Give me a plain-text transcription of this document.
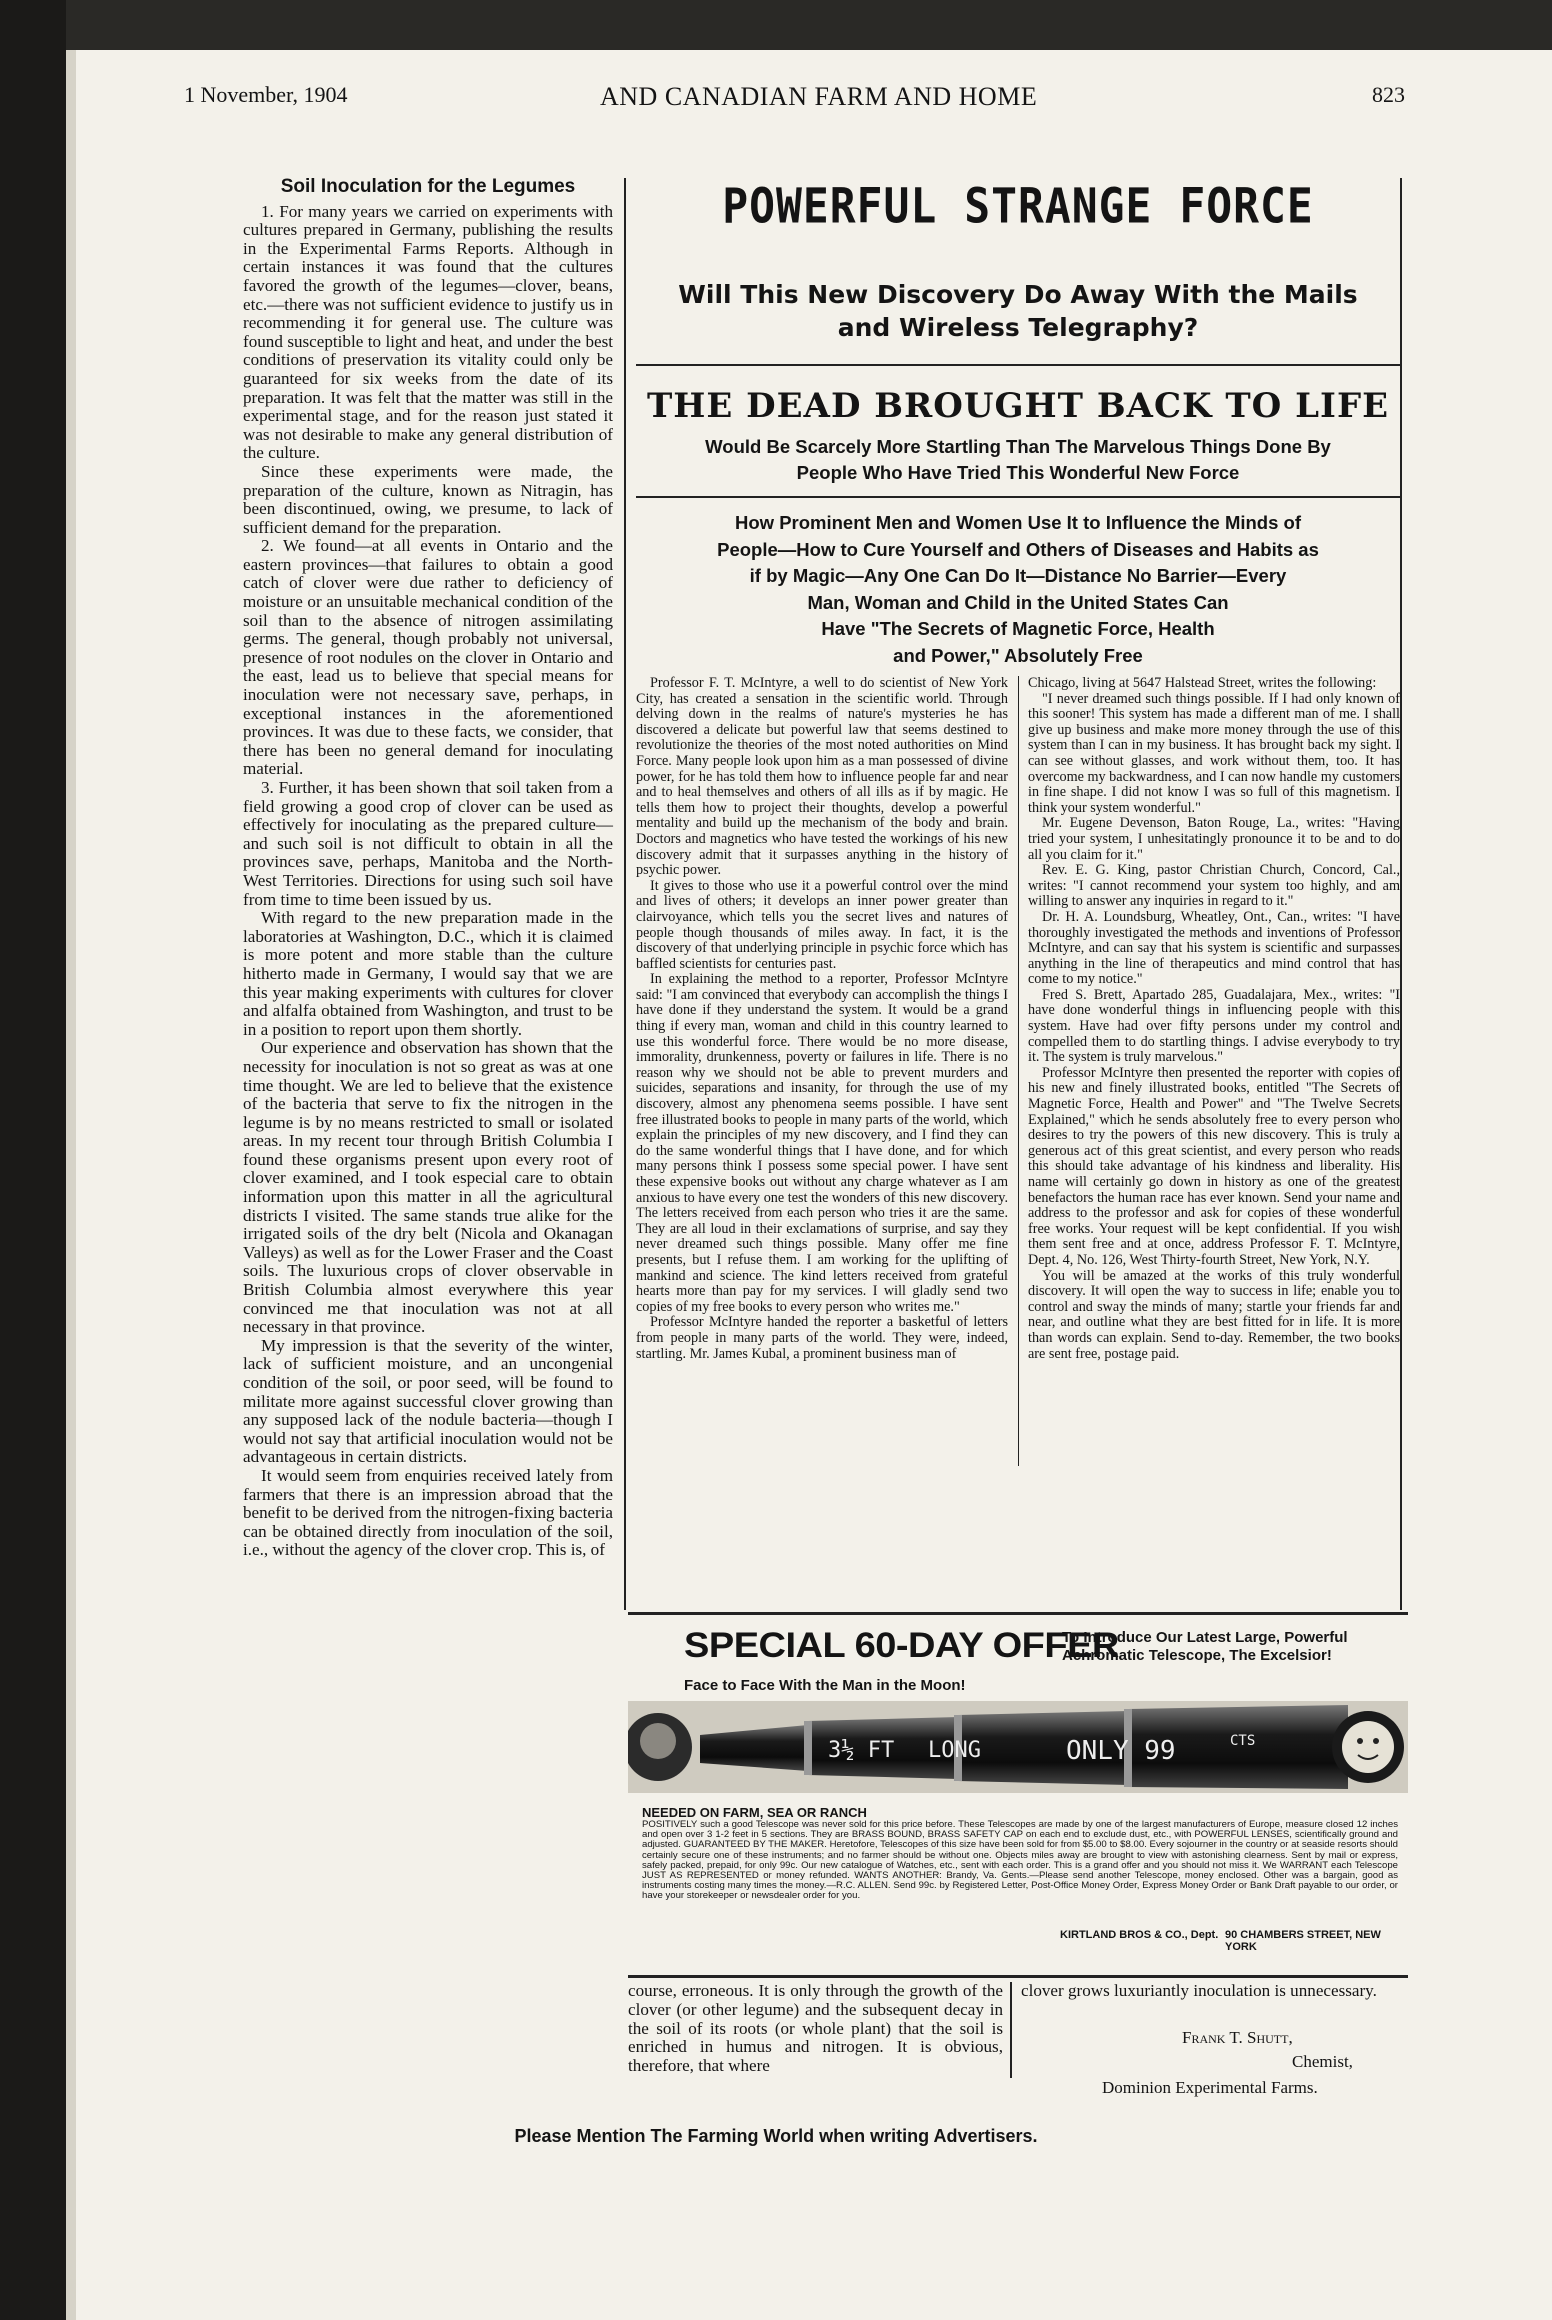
1 November, 1904	AND CANADIAN FARM AND HOME	823
Soil Inoculation for the Legumes

1. For many years we carried on experiments with cultures prepared in Germany, publishing the results in the Experimental Farms Reports. Although in certain instances it was found that the cultures favored the growth of the legumes—clover, beans, etc.—there was not sufficient evidence to justify us in recommending it for general use. The culture was found susceptible to light and heat, and under the best conditions of preservation its vitality could only be guaranteed for six weeks from the date of its preparation. It was felt that the matter was still in the experimental stage, and for the reason just stated it was not desirable to make any general distribution of the culture.

Since these experiments were made, the preparation of the culture, known as Nitragin, has been discontinued, owing, we presume, to lack of sufficient demand for the preparation.

2. We found—at all events in Ontario and the eastern provinces—that failures to obtain a good catch of clover were due rather to deficiency of moisture or an unsuitable mechanical condition of the soil than to the absence of nitrogen assimilating germs. The general, though probably not universal, presence of root nodules on the clover in Ontario and the east, lead us to believe that special means for inoculation were not necessary save, perhaps, in exceptional instances in the aforementioned provinces. It was due to these facts, we consider, that there has been no general demand for inoculating material.

3. Further, it has been shown that soil taken from a field growing a good crop of clover can be used as effectively for inoculating as the prepared culture—and such soil is not difficult to obtain in all the provinces save, perhaps, Manitoba and the North-West Territories. Directions for using such soil have from time to time been issued by us.

With regard to the new preparation made in the laboratories at Washington, D.C., which it is claimed is more potent and more stable than the culture hitherto made in Germany, I would say that we are this year making experiments with cultures for clover and alfalfa obtained from Washington, and trust to be in a position to report upon them shortly.

Our experience and observation has shown that the necessity for inoculation is not so great as was at one time thought. We are led to believe that the existence of the bacteria that serve to fix the nitrogen in the legume is by no means restricted to small or isolated areas. In my recent tour through British Columbia I found these organisms present upon every root of clover examined, and I took especial care to obtain information upon this matter in all the agricultural districts I visited. The same stands true alike for the irrigated soils of the dry belt (Nicola and Okanagan Valleys) as well as for the Lower Fraser and the Coast soils. The luxurious crops of clover observable in British Columbia almost everywhere this year convinced me that inoculation was not at all necessary in that province.

My impression is that the severity of the winter, lack of sufficient moisture, and an uncongenial condition of the soil, or poor seed, will be found to militate more against successful clover growing than any supposed lack of the nodule bacteria—though I would not say that artificial inoculation would not be advantageous in certain districts.

It would seem from enquiries received lately from farmers that there is an impression abroad that the benefit to be derived from the nitrogen-fixing bacteria can be obtained directly from inoculation of the soil, i.e., without the agency of the clover crop. This is, of

POWERFUL STRANGE FORCE
Will This New Discovery Do Away With the Mails
and Wireless Telegraphy?
THE DEAD BROUGHT BACK TO LIFE
Would Be Scarcely More Startling Than The Marvelous Things Done By
People Who Have Tried This Wonderful New Force
How Prominent Men and Women Use It to Influence the Minds of
People—How to Cure Yourself and Others of Diseases and Habits as
if by Magic—Any One Can Do It—Distance No Barrier—Every
Man, Woman and Child in the United States Can
Have "The Secrets of Magnetic Force, Health
and Power," Absolutely Free

Professor F. T. McIntyre, a well to do scientist of New York City, has created a sensation in the scientific world. Through delving down in the realms of nature's mysteries he has discovered a delicate but powerful law that seems destined to revolutionize the theories of the most noted authorities on Mind Force. Many people look upon him as a man possessed of divine power, for he has told them how to influence people far and near and to heal themselves and others of all ills as if by magic. He tells them how to project their thoughts, develop a powerful mentality and build up the mechanism of the body and brain. Doctors and magnetics who have tested the workings of his new discovery admit that it surpasses anything in the history of psychic power.

It gives to those who use it a powerful control over the mind and lives of others; it develops an inner power greater than clairvoyance, which tells you the secret lives and natures of people though thousands of miles away. In fact, it is the discovery of that underlying principle in psychic force which has baffled scientists for centuries past.

In explaining the method to a reporter, Professor McIntyre said: "I am convinced that everybody can accomplish the things I have done if they understand the system. It would be a grand thing if every man, woman and child in this country learned to use this wonderful force. There would be no more disease, immorality, drunkenness, poverty or failures in life. There is no reason why we should not be able to prevent murders and suicides, separations and insanity, for through the use of my discovery, almost any phenomena seems possible. I have sent free illustrated books to people in many parts of the world, which explain the principles of my new discovery, and I find they can do the same wonderful things that I have done, and for which many persons think I possess some special power. I have sent these expensive books out without any charge whatever as I am anxious to have every one test the wonders of this new discovery. The letters received from each person who tries it are the same. They are all loud in their exclamations of surprise, and say they never dreamed such things possible. Many offer me fine presents, but I refuse them. I am working for the uplifting of mankind and science. The kind letters received from grateful hearts more than pay for my services. I will gladly send two copies of my free books to every person who writes me."

Professor McIntyre handed the reporter a basketful of letters from people in many parts of the world. They were, indeed, startling. Mr. James Kubal, a prominent business man of

Chicago, living at 5647 Halstead Street, writes the following:

"I never dreamed such things possible. If I had only known of this sooner! This system has made a different man of me. I shall give up business and make more money through the use of this system than I can in my business. It has brought back my sight. I can see without glasses, and work without them, too. It has overcome my backwardness, and I can now handle my customers in fine shape. I did not know I was so full of this magnetism. I think your system wonderful."

Mr. Eugene Devenson, Baton Rouge, La., writes: "Having tried your system, I unhesitatingly pronounce it to be and to do all you claim for it."

Rev. E. G. King, pastor Christian Church, Concord, Cal., writes: "I cannot recommend your system too highly, and am willing to answer any inquiries in regard to it."

Dr. H. A. Loundsburg, Wheatley, Ont., Can., writes: "I have thoroughly investigated the methods and inventions of Professor McIntyre, and can say that his system is scientific and surpasses anything in the line of therapeutics and mind control that has come to my notice."

Fred S. Brett, Apartado 285, Guadalajara, Mex., writes: "I have done wonderful things in influencing people with this system. Have had over fifty persons under my control and compelled them to do startling things. I advise everybody to try it. The system is truly marvelous."

Professor McIntyre then presented the reporter with copies of his new and finely illustrated books, entitled "The Secrets of Magnetic Force, Health and Power" and "The Twelve Secrets Explained," which he sends absolutely free to every person who desires to try the powers of this new discovery. This is truly a generous act of this great scientist, and every person who reads this should take advantage of his kindness and liberality. His name will certainly go down in history as one of the greatest benefactors the human race has ever known. Send your name and address to the professor and ask for copies of these wonderful free works. Your request will be kept confidential. If you wish them sent free and at once, address Professor F. T. McIntyre, Dept. 4, No. 126, West Thirty-fourth Street, New York, N.Y.

You will be amazed at the works of this truly wonderful discovery. It will open the way to success in life; enable you to control and sway the minds of many; startle your friends far and near, and outline what they are best fitted for in life. It is more than words can explain. Send to-day. Remember, the two books are sent free, postage paid.

SPECIAL 60-DAY OFFER
To Introduce Our Latest Large, Powerful
Achromatic Telescope, The Excelsior!
Face to Face With the Man in the Moon!
3½ FT LONG	ONLY 99	CTS
NEEDED ON FARM, SEA OR RANCH
POSITIVELY such a good Telescope was never sold for this price before. These Telescopes are made by one of the largest manufacturers of Europe, measure closed 12 inches and open over 3 1-2 feet in 5 sections. They are BRASS BOUND, BRASS SAFETY CAP on each end to exclude dust, etc., with POWERFUL LENSES, scientifically ground and adjusted. GUARANTEED BY THE MAKER. Heretofore, Telescopes of this size have been sold for from $5.00 to $8.00. Every sojourner in the country or at seaside resorts should certainly secure one of these instruments; and no farmer should be without one. Objects miles away are brought to view with astonishing clearness. Sent by mail or express, safely packed, prepaid, for only 99c. Our new catalogue of Watches, etc., sent with each order. This is a grand offer and you should not miss it. We WARRANT each Telescope JUST AS REPRESENTED or money refunded. WANTS ANOTHER: Brandy, Va. Gents.—Please send another Telescope, money enclosed. Other was a bargain, good as instruments costing many times the money.—R.C. ALLEN. Send 99c. by Registered Letter, Post-Office Money Order, Express Money Order or Bank Draft payable to our order, or have your storekeeper or newsdealer order for you.
KIRTLAND BROS & CO., Dept. 90 CHAMBERS STREET, NEW YORK

course, erroneous. It is only through the growth of the clover (or other legume) and the subsequent decay in the soil of its roots (or whole plant) that the soil is enriched in humus and nitrogen. It is obvious, therefore, that where

clover grows luxuriantly inoculation is unnecessary.

Frank T. Shutt,
Chemist,
Dominion Experimental Farms.
Please Mention The Farming World when writing Advertisers.
